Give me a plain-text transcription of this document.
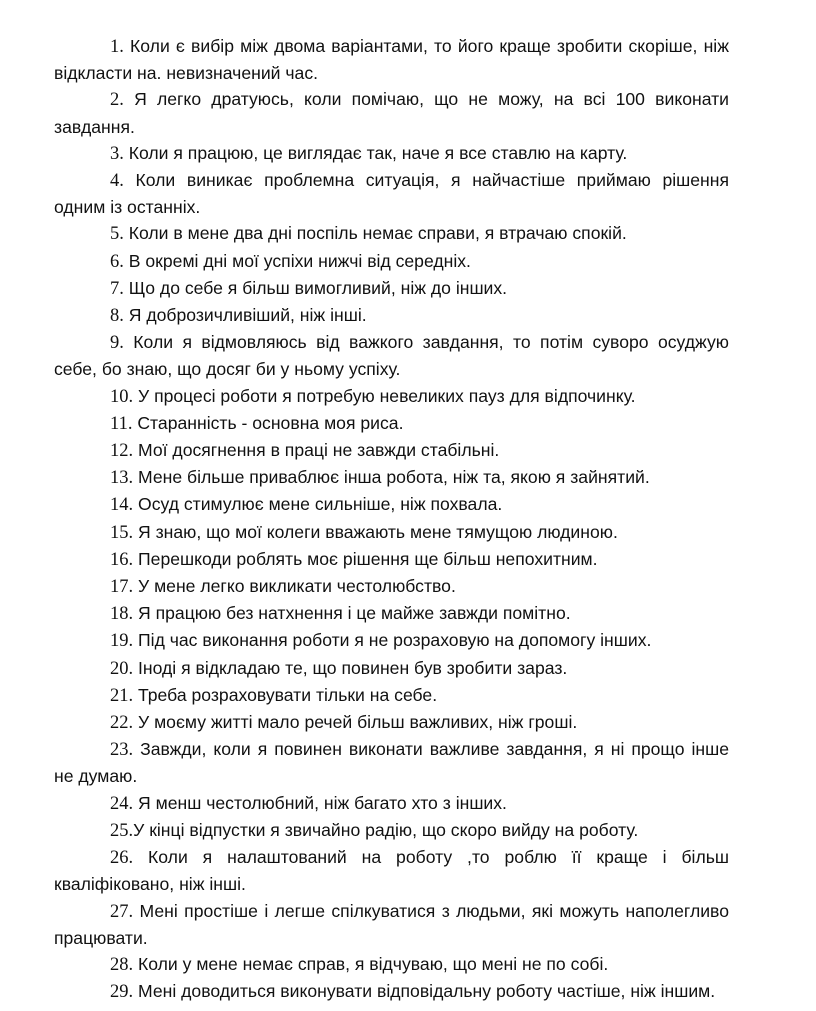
1. Коли є вибір між двома варіантами, то його краще зробити скоріше, ніж відкласти на. невизначений час.

2. Я легко дратуюсь, коли помічаю, що не можу, на всі 100 виконати завдання.

3. Коли я працюю, це виглядає так, наче я все ставлю на карту.

4. Коли виникає проблемна ситуація, я найчастіше приймаю рішення одним із останніх.

5. Коли в мене два дні поспіль немає справи, я втрачаю спокій.

6. В окремі дні мої успіхи нижчі від середніх.

7. Що до себе я більш вимогливий, ніж до інших.

8. Я доброзичливіший, ніж інші.

9. Коли я відмовляюсь від важкого завдання, то потім суворо осуджую себе, бо знаю, що досяг би у ньому успіху.

10. У процесі роботи я потребую невеликих пауз для відпочинку.

11. Старанність - основна моя риса.

12. Мої досягнення в праці не завжди стабільні.

13. Мене більше приваблює інша робота, ніж та, якою я зайнятий.

14. Осуд стимулює мене сильніше, ніж похвала.

15. Я знаю, що мої колеги вважають мене тямущою людиною.

16. Перешкоди роблять моє рішення ще більш непохитним.

17. У мене легко викликати честолюбство.

18. Я працюю без натхнення і це майже завжди помітно.

19. Під час виконання роботи я не розраховую на допомогу інших.

20. Іноді я відкладаю те, що повинен був зробити зараз.

21. Треба розраховувати тільки на себе.

22. У моєму житті мало речей більш важливих, ніж гроші.

23. Завжди, коли я повинен виконати важливе завдання, я ні прощо інше не думаю.

24. Я менш честолюбний, ніж багато хто з інших.

25.У кінці відпустки я звичайно радію, що скоро вийду на роботу.

26. Коли я налаштований на роботу ,то роблю її краще і більш кваліфіковано, ніж інші.

27. Мені простіше і легше спілкуватися з людьми, які можуть наполегливо працювати.

28. Коли у мене немає справ, я відчуваю, що мені не по собі.

29. Мені доводиться виконувати відповідальну роботу частіше, ніж іншим.
